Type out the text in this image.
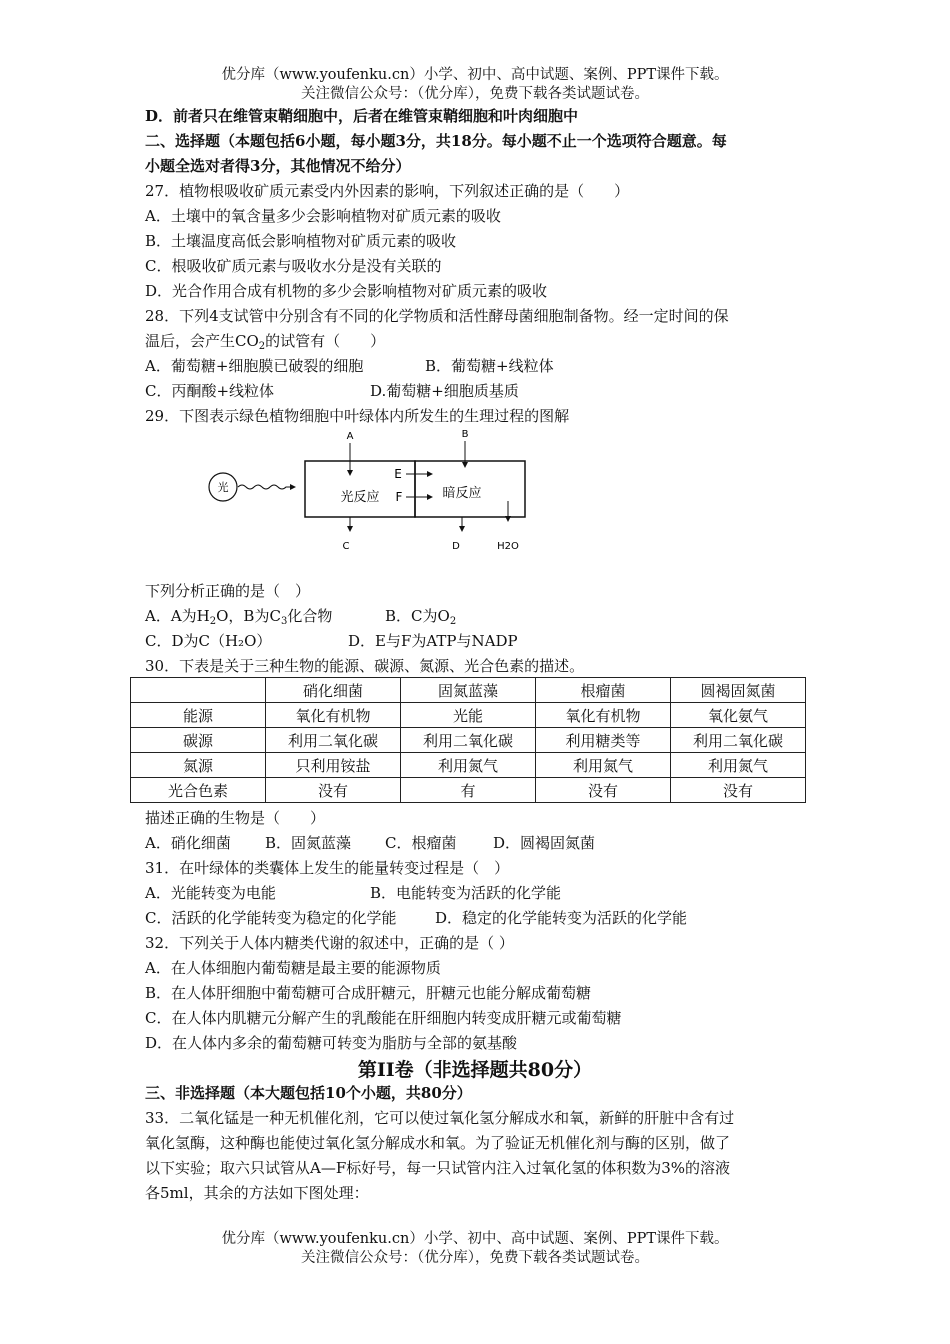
优分库（www.youfenku.cn）小学、初中、高中试题、案例、PPT课件下载。
关注微信公众号：（优分库），免费下载各类试题试卷。
D．前者只在维管束鞘细胞中，后者在维管束鞘细胞和叶肉细胞中
二、选择题（本题包括6小题，每小题3分，共18分。每小题不止一个选项符合题意。每
小题全选对者得3分，其他情况不给分）
27．植物根吸收矿质元素受内外因素的影响，下列叙述正确的是（　　）
A．土壤中的氧含量多少会影响植物对矿质元素的吸收
B．土壤温度高低会影响植物对矿质元素的吸收
C．根吸收矿质元素与吸收水分是没有关联的
D．光合作用合成有机物的多少会影响植物对矿质元素的吸收
28．下列4支试管中分别含有不同的化学物质和活性酵母菌细胞制备物。经一定时间的保
温后，会产生$CO_2$的试管有（　　）
A．葡萄糖+细胞膜已破裂的细胞	B．葡萄糖+线粒体
C．丙酮酸+线粒体	D.葡萄糖+细胞质基质
29．下图表示绿色植物细胞中叶绿体内所发生的生理过程的图解
光
光反应	暗反应
A	B
E
F
C	D	H2O
下列分析正确的是（　）
A．A为$H_2O$，B为$C_3$化合物	B．C为$O_2$
C．D为C（H₂O）	D．E与F为ATP与NADP
30．下表是关于三种生物的能源、碳源、氮源、光合色素的描述。
	硝化细菌	固氮蓝藻	根瘤菌	圆褐固氮菌
能源	氧化有机物	光能	氧化有机物	氧化氨气
碳源	利用二氧化碳	利用二氧化碳	利用糖类等	利用二氧化碳
氮源	只利用铵盐	利用氮气	利用氮气	利用氮气
光合色素	没有	有	没有	没有
描述正确的生物是（　　）
A．硝化细菌 B．固氮蓝藻 C．根瘤菌 D．圆褐固氮菌
31．在叶绿体的类囊体上发生的能量转变过程是（　）
A．光能转变为电能	B．电能转变为活跃的化学能
C．活跃的化学能转变为稳定的化学能	D．稳定的化学能转变为活跃的化学能
32．下列关于人体内糖类代谢的叙述中，正确的是（ ）
A．在人体细胞内葡萄糖是最主要的能源物质
B．在人体肝细胞中葡萄糖可合成肝糖元，肝糖元也能分解成葡萄糖
C．在人体内肌糖元分解产生的乳酸能在肝细胞内转变成肝糖元或葡萄糖
D．在人体内多余的葡萄糖可转变为脂肪与全部的氨基酸
第II卷（非选择题共80分）
三、非选择题（本大题包括10个小题，共80分）
33．二氧化锰是一种无机催化剂，它可以使过氧化氢分解成水和氧，新鲜的肝脏中含有过
氧化氢酶，这种酶也能使过氧化氢分解成水和氧。为了验证无机催化剂与酶的区别，做了
以下实验；取六只试管从A—F标好号，每一只试管内注入过氧化氢的体积数为3%的溶液
各5ml，其余的方法如下图处理：
优分库（www.youfenku.cn）小学、初中、高中试题、案例、PPT课件下载。
关注微信公众号：（优分库），免费下载各类试题试卷。
